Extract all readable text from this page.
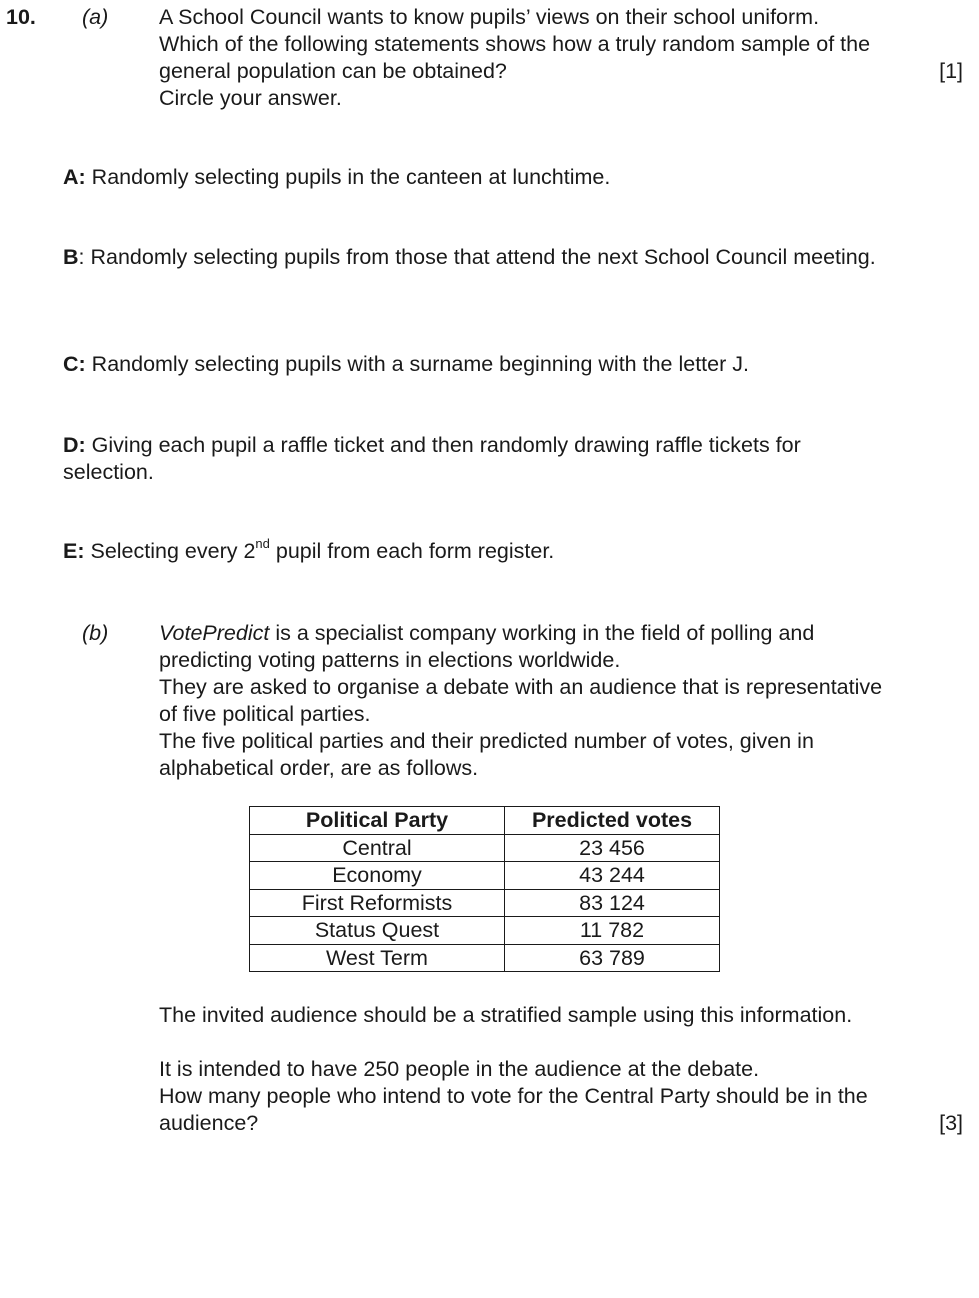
10. (a) A School Council wants to know pupils’ views on their school uniform.
Which of the following statements shows how a truly random sample of the
general population can be obtained?
Circle your answer.

[1]

A: Randomly selecting pupils in the canteen at lunchtime.
B: Randomly selecting pupils from those that attend the next School Council meeting.
C: Randomly selecting pupils with a surname beginning with the letter J.
D: Giving each pupil a raffle ticket and then randomly drawing raffle tickets for selection.
E: Selecting every 2nd pupil from each form register.

(b) VotePredict is a specialist company working in the field of polling and
predicting voting patterns in elections worldwide.
They are asked to organise a debate with an audience that is representative
of five political parties.
The five political parties and their predicted number of votes, given in
alphabetical order, are as follows.
Political Party	Predicted votes
Central	23 456
Economy	43 244
First Reformists	83 124
Status Quest	11 782
West Term	63 789

The invited audience should be a stratified sample using this information.

It is intended to have 250 people in the audience at the debate.
How many people who intend to vote for the Central Party should be in the
audience?	[3]
